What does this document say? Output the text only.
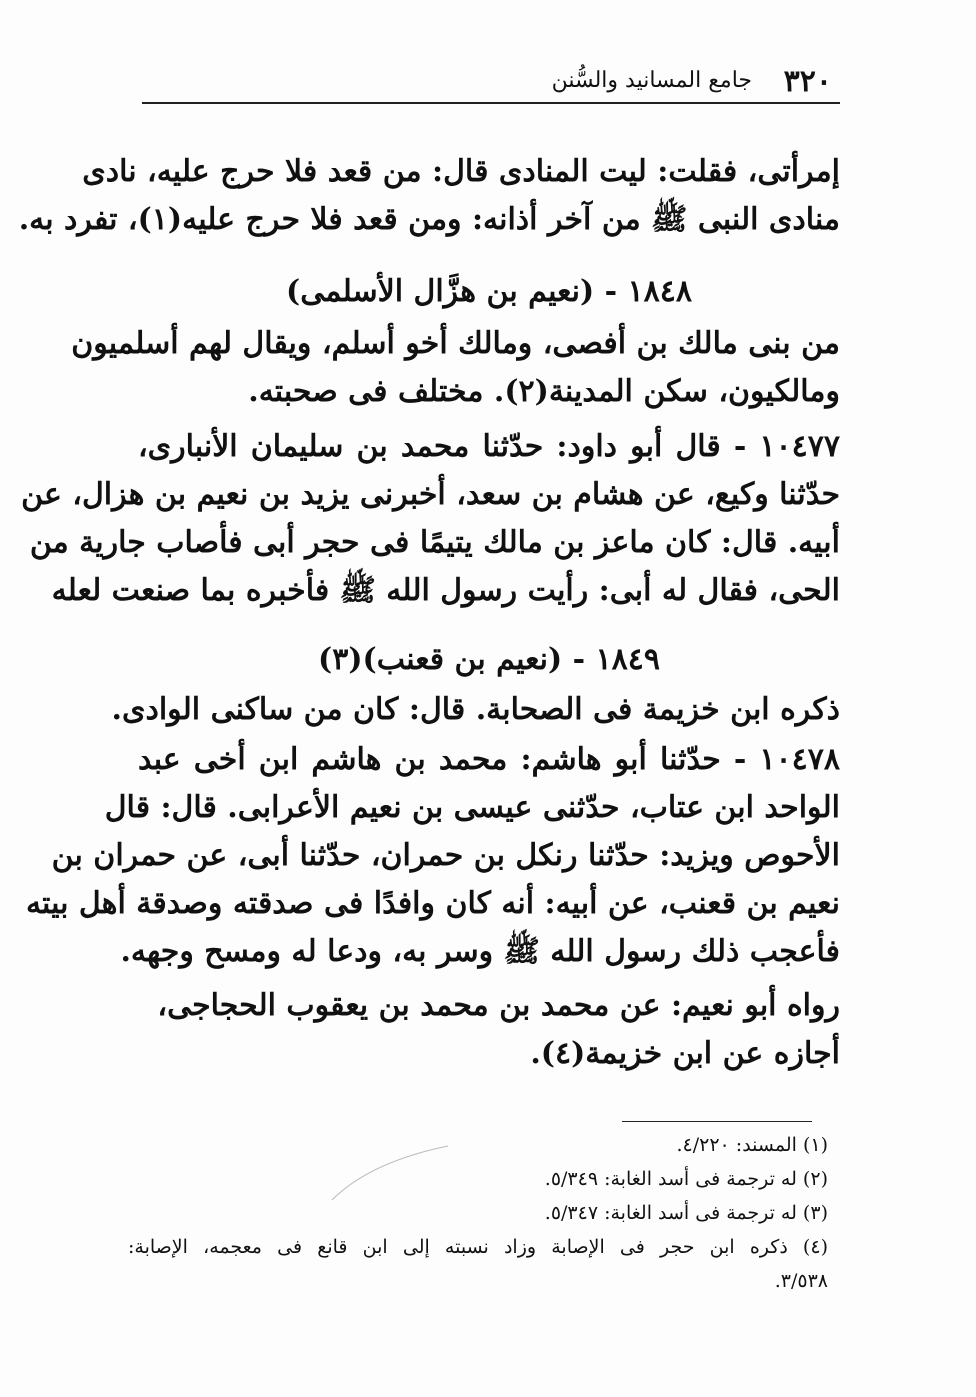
٣٢٠
جامع المسانيد والسُّنن
إمرأتى، فقلت: ليت المنادى قال: من قعد فلا حرج عليه، نادى
منادى النبى ﷺ من آخر أذانه: ومن قعد فلا حرج عليه(١)، تفرد به.
١٨٤٨ - (نعيم بن هزَّال الأسلمى)
من بنى مالك بن أفصى، ومالك أخو أسلم، ويقال لهم أسلميون
ومالكيون، سكن المدينة(٢). مختلف فى صحبته.
١٠٤٧٧ - قال أبو داود: حدّثنا محمد بن سليمان الأنبارى،
حدّثنا وكيع، عن هشام بن سعد، أخبرنى يزيد بن نعيم بن هزال، عن
أبيه. قال: كان ماعز بن مالك يتيمًا فى حجر أبى فأصاب جارية من
الحى، فقال له أبى: رأيت رسول الله ﷺ فأخبره بما صنعت لعله
١٨٤٩ - (نعيم بن قعنب)(٣)
ذكره ابن خزيمة فى الصحابة. قال: كان من ساكنى الوادى.
١٠٤٧٨ - حدّثنا أبو هاشم: محمد بن هاشم ابن أخى عبد
الواحد ابن عتاب، حدّثنى عيسى بن نعيم الأعرابى. قال: قال
الأحوص ويزيد: حدّثنا رنكل بن حمران، حدّثنا أبى، عن حمران بن
نعيم بن قعنب، عن أبيه: أنه كان وافدًا فى صدقته وصدقة أهل بيته
فأعجب ذلك رسول الله ﷺ وسر به، ودعا له ومسح وجهه.
رواه أبو نعيم: عن محمد بن محمد بن يعقوب الحجاجى،
أجازه عن ابن خزيمة(٤).
(١) المسند: ٤/٢٢٠.
(٢) له ترجمة فى أسد الغابة: ٥/٣٤٩.
(٣) له ترجمة فى أسد الغابة: ٥/٣٤٧.
(٤) ذكره ابن حجر فى الإصابة وزاد نسبته إلى ابن قانع فى معجمه، الإصابة:
٣/٥٣٨.
